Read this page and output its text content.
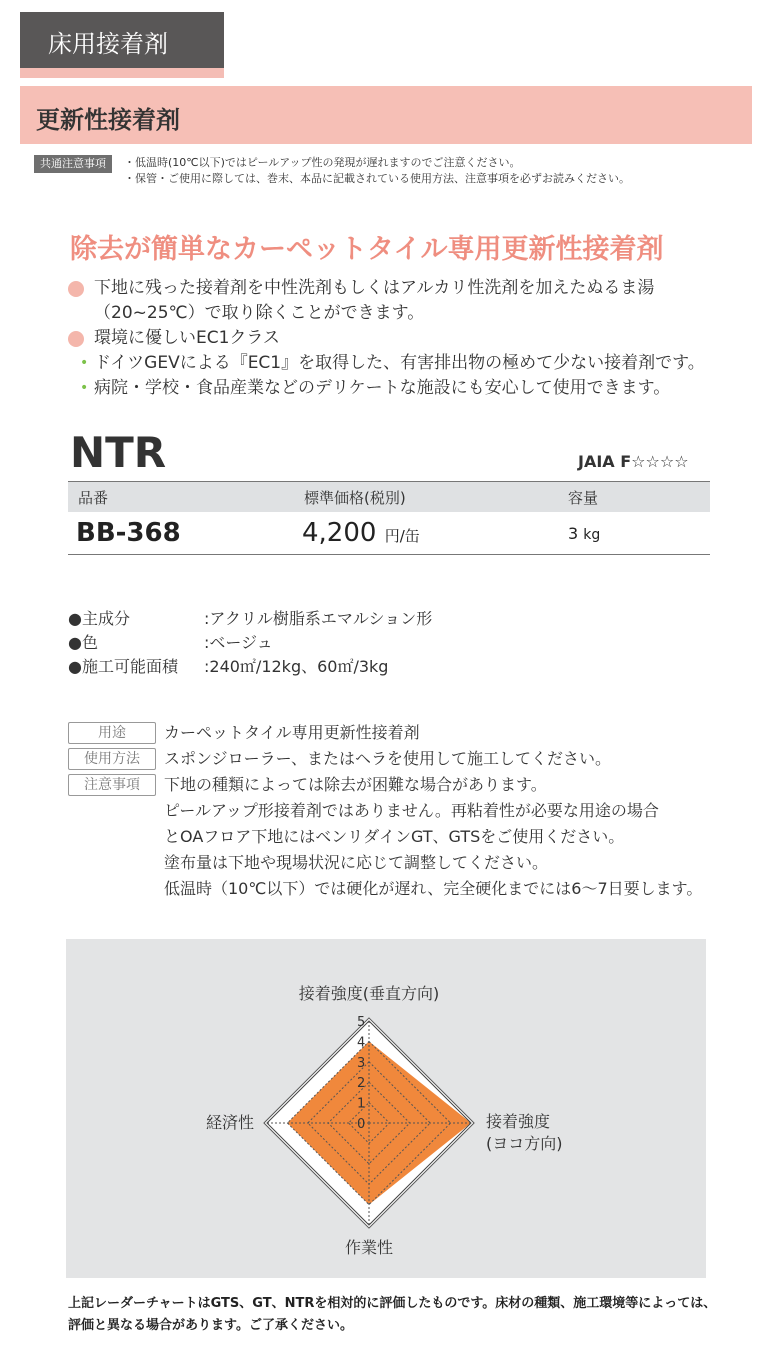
床用接着剤
更新性接着剤
共通注意事項	・低温時(10℃以下)ではピールアップ性の発現が遅れますのでご注意ください。
・保管・ご使用に際しては、巻末、本品に記載されている使用方法、注意事項を必ずお読みください。
除去が簡単なカーペットタイル専用更新性接着剤
下地に残った接着剤を中性洗剤もしくはアルカリ性洗剤を加えたぬるま湯（20~25℃）で取り除くことができます。
環境に優しいEC1クラス
• ドイツGEVによる『EC1』を取得した、有害排出物の極めて少ない接着剤です。
• 病院・学校・食品産業などのデリケートな施設にも安心して使用できます。
NTR	JAIA F☆☆☆☆
品番	標準価格(税別)	容量
BB-368	4,200 円/缶	3 kg
●主成分	:アクリル樹脂系エマルション形
●色	:ベージュ
●施工可能面積	:240㎡/12kg、60㎡/3kg
用途	カーペットタイル専用更新性接着剤
使用方法	スポンジローラー、またはヘラを使用して施工してください。
注意事項	下地の種類によっては除去が困難な場合があります。
ピールアップ形接着剤ではありません。再粘着性が必要な用途の場合
とOAフロア下地にはベンリダインGT、GTSをご使用ください。
塗布量は下地や現場状況に応じて調整してください。
低温時（10℃以下）では硬化が遅れ、完全硬化までには6～7日要します。
0
1
2
3
4
5
接着強度(垂直方向)
接着強度
(ヨコ方向)
作業性
経済性
上記レーダーチャートはGTS、GT、NTRを相対的に評価したものです。床材の種類、施工環境等によっては、評価と異なる場合があります。ご了承ください。
